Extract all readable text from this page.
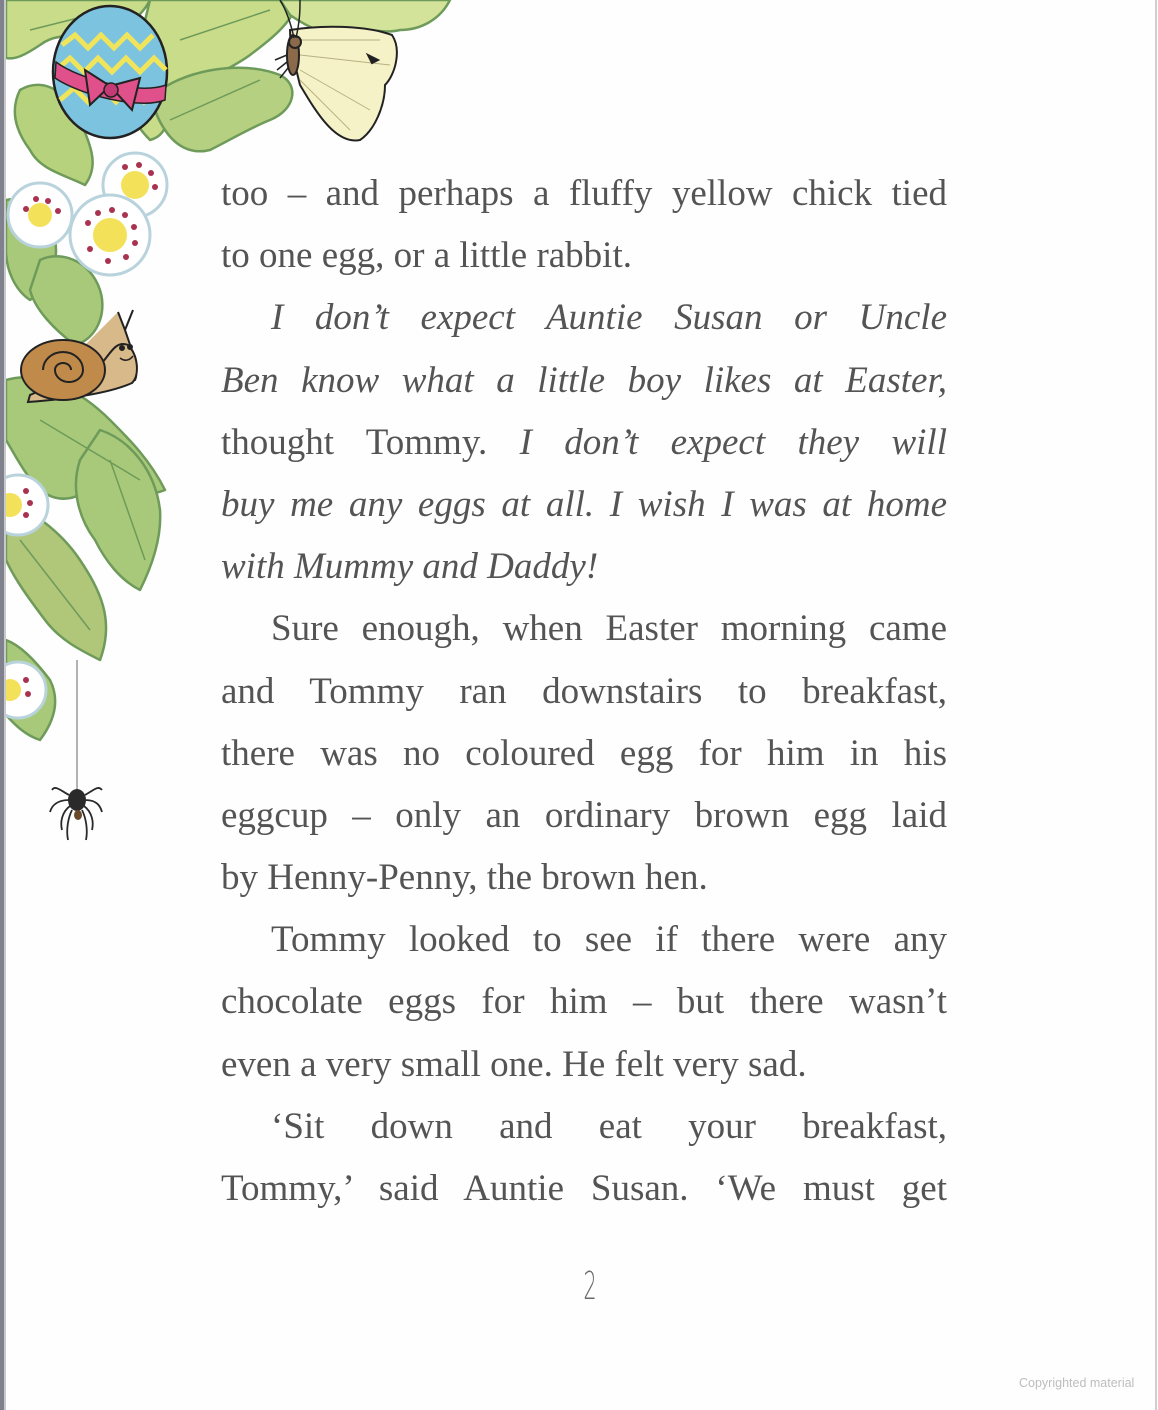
too – and perhaps a fluffy yellow chick tied
to one egg, or a little rabbit.
I don’t expect Auntie Susan or Uncle
Ben know what a little boy likes at Easter,
thought Tommy. I don’t expect they will
buy me any eggs at all. I wish I was at home
with Mummy and Daddy!
Sure enough, when Easter morning came
and Tommy ran downstairs to breakfast,
there was no coloured egg for him in his
eggcup – only an ordinary brown egg laid
by Henny-Penny, the brown hen.
Tommy looked to see if there were any
chocolate eggs for him – but there wasn’t
even a very small one. He felt very sad.
‘Sit down and eat your breakfast,
Tommy,’ said Auntie Susan. ‘We must get
2
Copyrighted material
